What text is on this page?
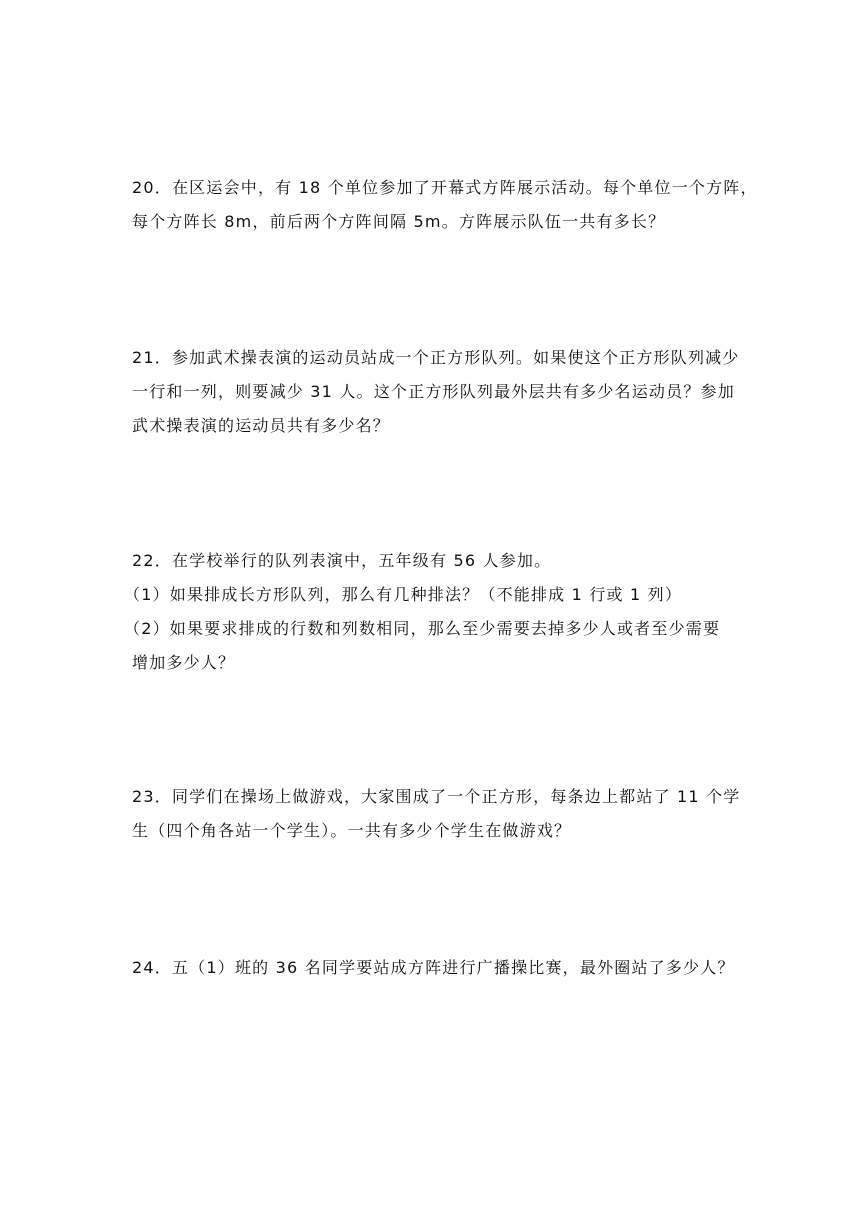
20．在区运会中，有 18 个单位参加了开幕式方阵展示活动。每个单位一个方阵，
每个方阵长 8m，前后两个方阵间隔 5m。方阵展示队伍一共有多长？
21．参加武术操表演的运动员站成一个正方形队列。如果使这个正方形队列减少
一行和一列，则要减少 31 人。这个正方形队列最外层共有多少名运动员？参加
武术操表演的运动员共有多少名？
22．在学校举行的队列表演中，五年级有 56 人参加。
（1）如果排成长方形队列，那么有几种排法？（不能排成 1 行或 1 列）
（2）如果要求排成的行数和列数相同，那么至少需要去掉多少人或者至少需要
增加多少人？
23．同学们在操场上做游戏，大家围成了一个正方形，每条边上都站了 11 个学
生（四个角各站一个学生）。一共有多少个学生在做游戏？
24．五（1）班的 36 名同学要站成方阵进行广播操比赛，最外圈站了多少人？
